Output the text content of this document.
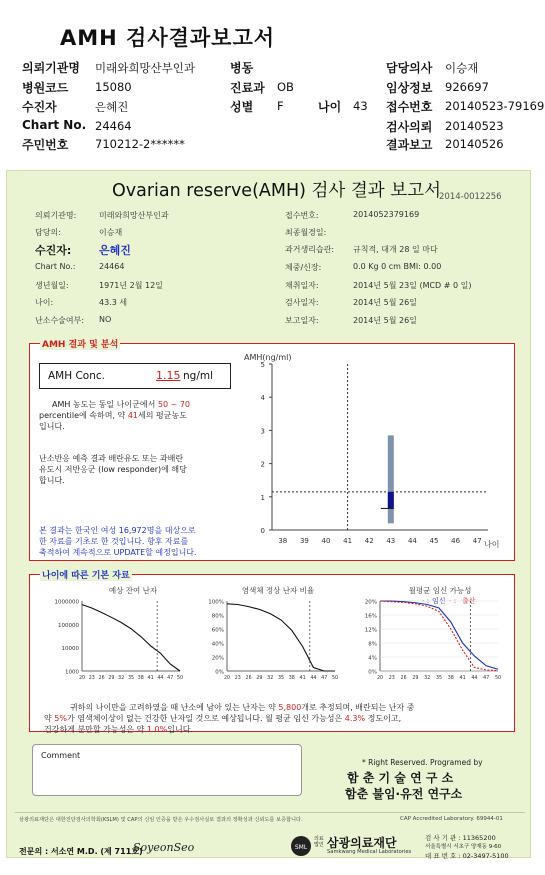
AMH 검사결과보고서
의뢰기관명 미래와희망산부인과	병동	담당의사 이승재
병원코드 15080	진료과 OB	임상정보 926697
수진자	은혜진	성별 F	나이 43 접수번호 20140523-79169
Chart No. 24464	검사의뢰 20140523
주민번호 710212-2******	결과보고 20140526
Ovarian reserve(AMH) 검사 결과 보고서
2014-0012256
의뢰기관명:	미래와희망산부인과
담당의:	이승재
수진자:	은혜진
Chart No.:	24464
생년월일:	1971년 2월 12일
나이:	43.3 세
난소수술여부: NO
접수번호:	2014052379169
최종월경일:
과거생리습관: 규칙적, 대개 28 일 마다
체중/신장:	0.0 Kg 0 cm BMI: 0.00
채취일자:	2014년 5월 23일 (MCD # 0 일)
검사일자:	2014년 5월 26일
보고일자:	2014년 5월 26일
AMH 결과 및 분석
AMH Conc.	1.15 ng/ml
AMH 농도는 동일 나이군에서 50 ~ 70
percentile에 속하며, 약 41세의 평균농도
입니다.
난소반응 예측 결과 배란유도 또는 과배란
유도시 저반응군 (low responder)에 해당
합니다.
본 결과는 한국인 여성 16,972명을 대상으로
한 자료를 기초로 한 것입니다. 향후 자료를
축적하여 계속적으로 UPDATE할 예정입니다.
AMH(ng/ml)
0
1
2
3
4
5
38 39 40 41 42 43 44 45 46 47 나이
나이에 따른 기본 자료
예상 잔여 난자
1000000
100000
10000
1000
20 23 26 29 32 35 38 41 44 47 50
염색체 정상 난자 비율
100%
80%
60%
40%
20%
0%
20 23 26 29 32 35 38 41 44 47 50
월평균 임신 가능성
- : 임신 - : 출산
20%
16%
12%
8%
4%
0%
20 23 26 29 32 35 38 41 44 47 50
귀하의 나이만을 고려하였을 때 난소에 남아 있는 난자는 약 5,800개로 추정되며, 배란되는 난자 중
약 5%가 염색체이상이 없는 건강한 난자일 것으로 예상됩니다. 월 평균 임신 가능성은 4.3% 정도이고,
건강하게 분만할 가능성은 약 1.0%입니다.
Comment
* Right Reserved. Programed by
함 춘 기 술 연 구 소
함춘 불임·유전 연구소
삼광의료재단은 대한진단검사의학회(KSLM) 및 CAP의 신임 인증을 받은 우수검사실로 결과의 정확성과 신뢰도를 보증합니다.	CAP Accredited Laboratory. 69944-01
전문의 : 서소연 M.D. (제 711호)
SoyeonSeo	SML
의료
법인 삼광의료재단
Samkwang Medical Laboratories
검 사 기 관 : 11365200
서울특별시 서초구 양재동 9-60
대 표 번 호 : 02-3497-5100
